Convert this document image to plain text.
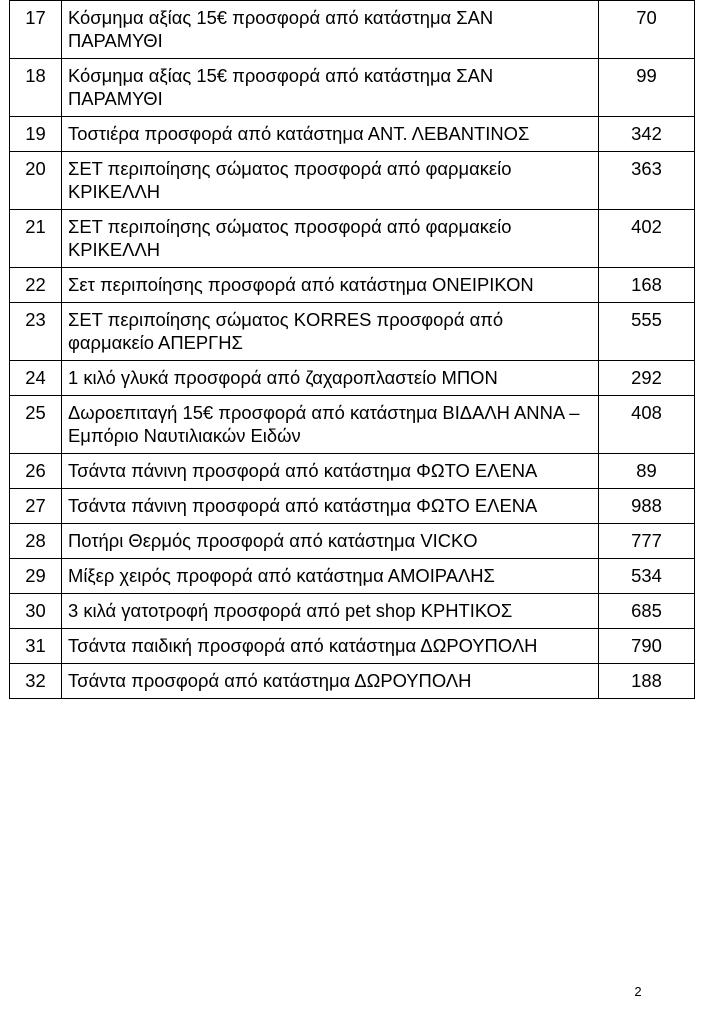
17	Κόσμημα αξίας 15€ προσφορά από κατάστημα ΣΑΝ ΠΑΡΑΜΥΘΙ	70
18	Κόσμημα αξίας 15€ προσφορά από κατάστημα ΣΑΝ ΠΑΡΑΜΥΘΙ	99
19	Τοστιέρα προσφορά από κατάστημα ΑΝΤ. ΛΕΒΑΝΤΙΝΟΣ	342
20	ΣΕΤ περιποίησης σώματος προσφορά από φαρμακείο ΚΡΙΚΕΛΛΗ	363
21	ΣΕΤ περιποίησης σώματος προσφορά από φαρμακείο ΚΡΙΚΕΛΛΗ	402
22	Σετ περιποίησης προσφορά από κατάστημα ΟΝΕΙΡΙΚΟΝ	168
23	ΣΕΤ περιποίησης σώματος KORRES προσφορά από φαρμακείο ΑΠΕΡΓΗΣ	555
24	1 κιλό γλυκά προσφορά από ζαχαροπλαστείο ΜΠΟΝ	292
25	Δωροεπιταγή 15€ προσφορά από κατάστημα ΒΙΔΑΛΗ ΑΝΝΑ – Εμπόριο Ναυτιλιακών Ειδών	408
26	Τσάντα πάνινη προσφορά από κατάστημα ΦΩΤΟ ΕΛΕΝΑ	89
27	Τσάντα πάνινη προσφορά από κατάστημα ΦΩΤΟ ΕΛΕΝΑ	988
28	Ποτήρι Θερμός προσφορά από κατάστημα VICKO	777
29	Μίξερ χειρός προφορά από κατάστημα ΑΜΟΙΡΑΛΗΣ	534
30	3 κιλά γατοτροφή προσφορά από pet shop ΚΡΗΤΙΚΟΣ	685
31	Τσάντα παιδική προσφορά από κατάστημα ΔΩΡΟΥΠΟΛΗ	790
32	Τσάντα προσφορά από κατάστημα ΔΩΡΟΥΠΟΛΗ	188
2
